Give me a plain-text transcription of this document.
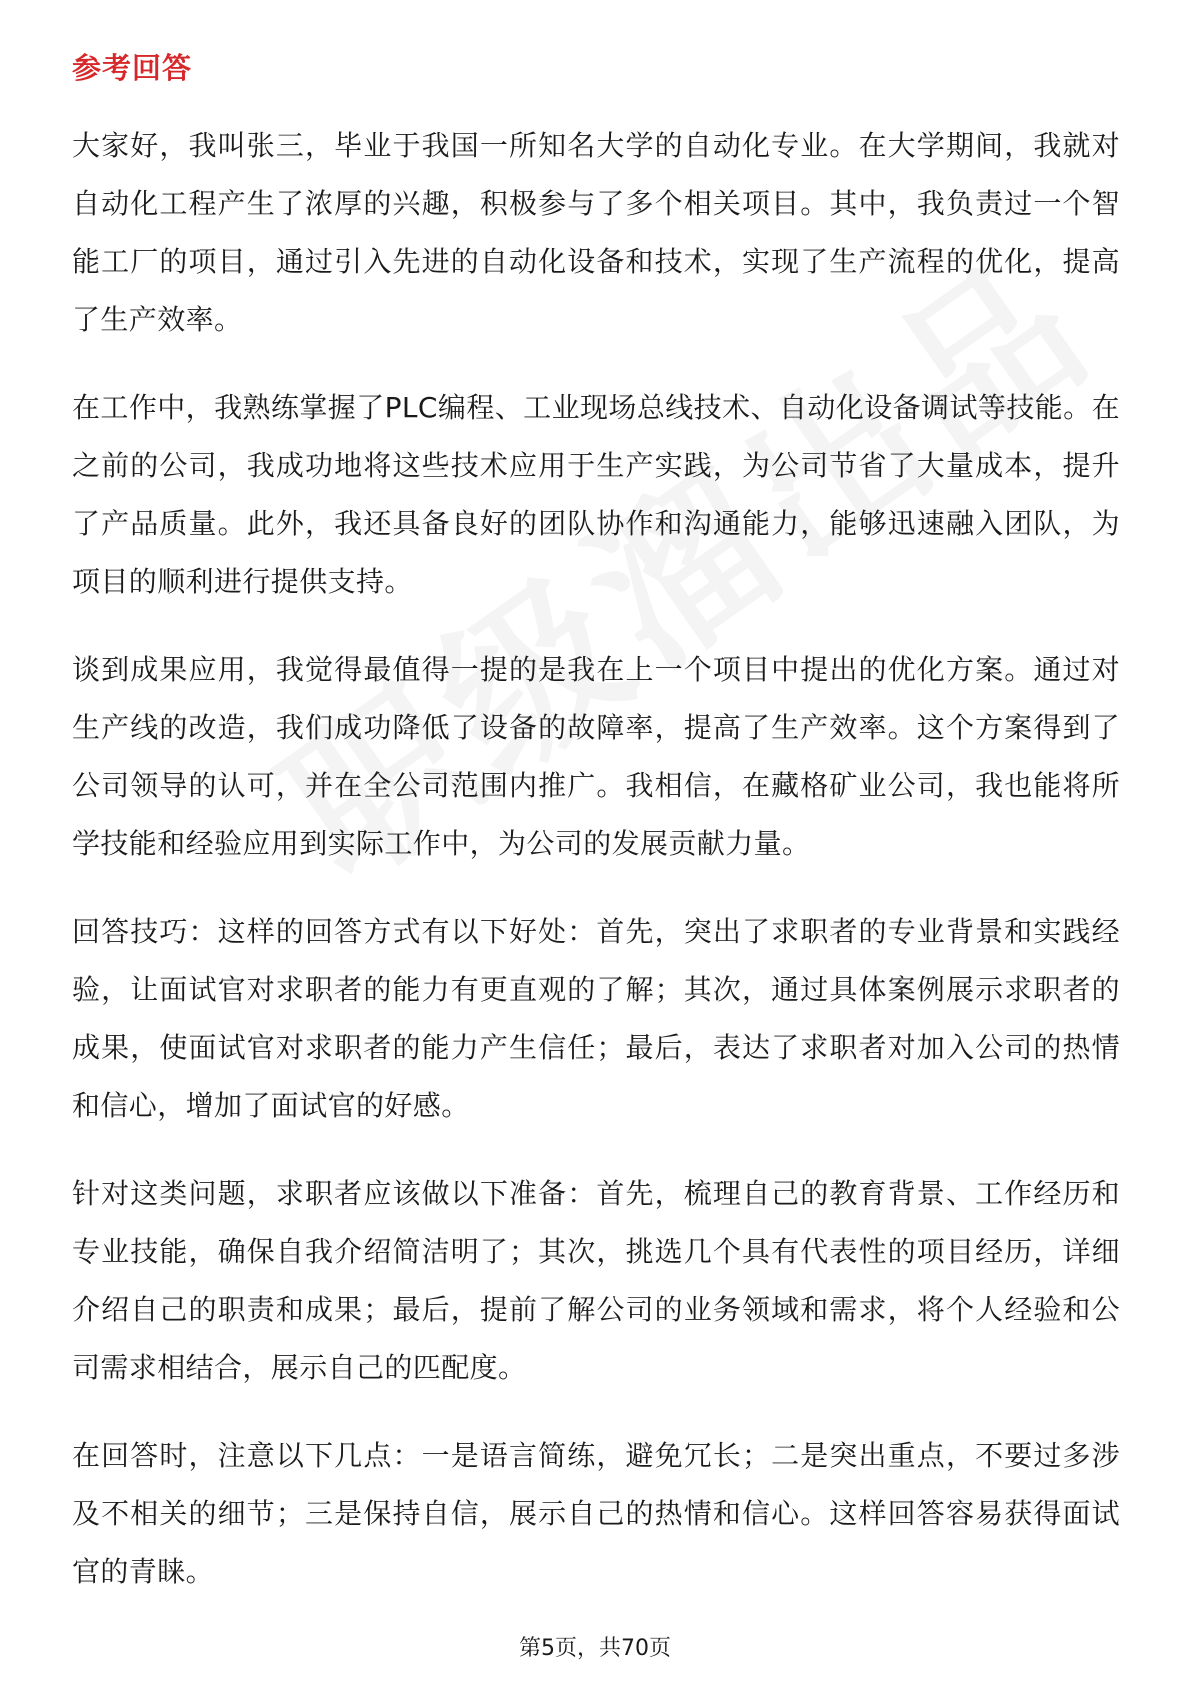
参考回答

大家好，我叫张三，毕业于我国一所知名大学的自动化专业。在大学期间，我就对自动化工程产生了浓厚的兴趣，积极参与了多个相关项目。其中，我负责过一个智能工厂的项目，通过引入先进的自动化设备和技术，实现了生产流程的优化，提高了生产效率。

在工作中，我熟练掌握了PLC编程、工业现场总线技术、自动化设备调试等技能。在之前的公司，我成功地将这些技术应用于生产实践，为公司节省了大量成本，提升了产品质量。此外，我还具备良好的团队协作和沟通能力，能够迅速融入团队，为项目的顺利进行提供支持。

谈到成果应用，我觉得最值得一提的是我在上一个项目中提出的优化方案。通过对生产线的改造，我们成功降低了设备的故障率，提高了生产效率。这个方案得到了公司领导的认可，并在全公司范围内推广。我相信，在藏格矿业公司，我也能将所学技能和经验应用到实际工作中，为公司的发展贡献力量。

回答技巧：这样的回答方式有以下好处：首先，突出了求职者的专业背景和实践经验，让面试官对求职者的能力有更直观的了解；其次，通过具体案例展示求职者的成果，使面试官对求职者的能力产生信任；最后，表达了求职者对加入公司的热情和信心，增加了面试官的好感。

针对这类问题，求职者应该做以下准备：首先，梳理自己的教育背景、工作经历和专业技能，确保自我介绍简洁明了；其次，挑选几个具有代表性的项目经历，详细介绍自己的职责和成果；最后，提前了解公司的业务领域和需求，将个人经验和公司需求相结合，展示自己的匹配度。

在回答时，注意以下几点：一是语言简练，避免冗长；二是突出重点，不要过多涉及不相关的细节；三是保持自信，展示自己的热情和信心。这样回答容易获得面试官的青睐。

第5页，共70页
